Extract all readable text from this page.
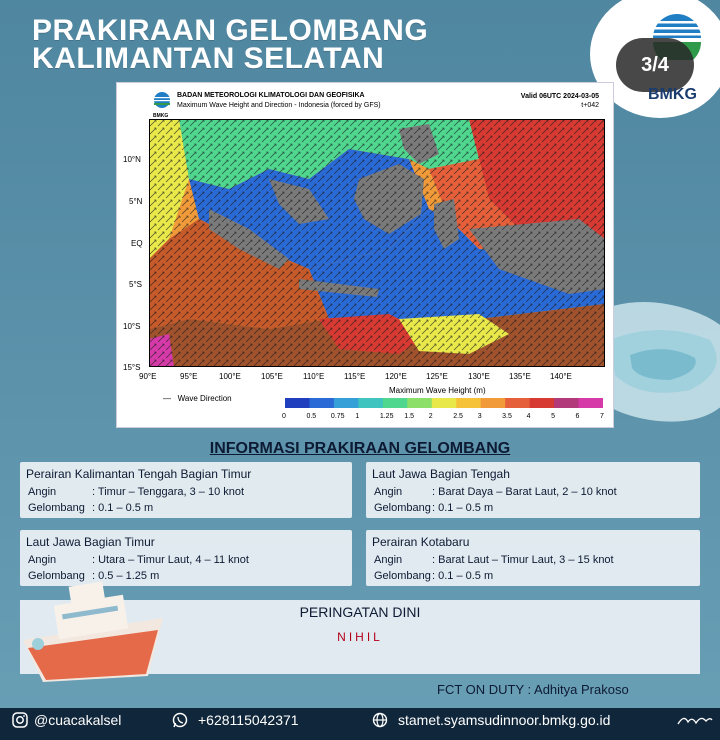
PRAKIRAAN GELOMBANG
KALIMANTAN SELATAN	3/4
BMKG
BMKG
BADAN METEOROLOGI KLIMATOLOGI DAN GEOFISIKA
Maximum Wave Height and Direction - Indonesia (forced by GFS)
Valid 06UTC 2024-03-05
t+042
10°N
5°N
EQ
5°S
10°S
15°S
90°E	95°E	100°E	105°E	110°E 115°E 120°E 125°E	130°E 135°E 140°E
—   Wave Direction
Maximum Wave Height (m)
0	0.5 0.75 1	1.25 1.5 2	2.5 3	3.5 4	5	6	7
INFORMASI PRAKIRAAN GELOMBANG
Perairan Kalimantan Tengah Bagian Timur
Angin	: Timur – Tenggara, 3 – 10 knot
Gelombang : 0.1 – 0.5 m
Laut Jawa Bagian Tengah
Angin	: Barat Daya – Barat Laut, 2 – 10 knot
Gelombang : 0.1 – 0.5 m
Laut Jawa Bagian Timur
Angin	: Utara – Timur Laut, 4 – 11 knot
Gelombang : 0.5 – 1.25 m
Perairan Kotabaru
Angin	: Barat Laut – Timur Laut, 3 – 15 knot
Gelombang : 0.1 – 0.5 m
PERINGATAN DINI
NIHIL
FCT ON DUTY : Adhitya Prakoso
@cuacakalsel	+628115042371	stamet.syamsudinnoor.bmkg.go.id
